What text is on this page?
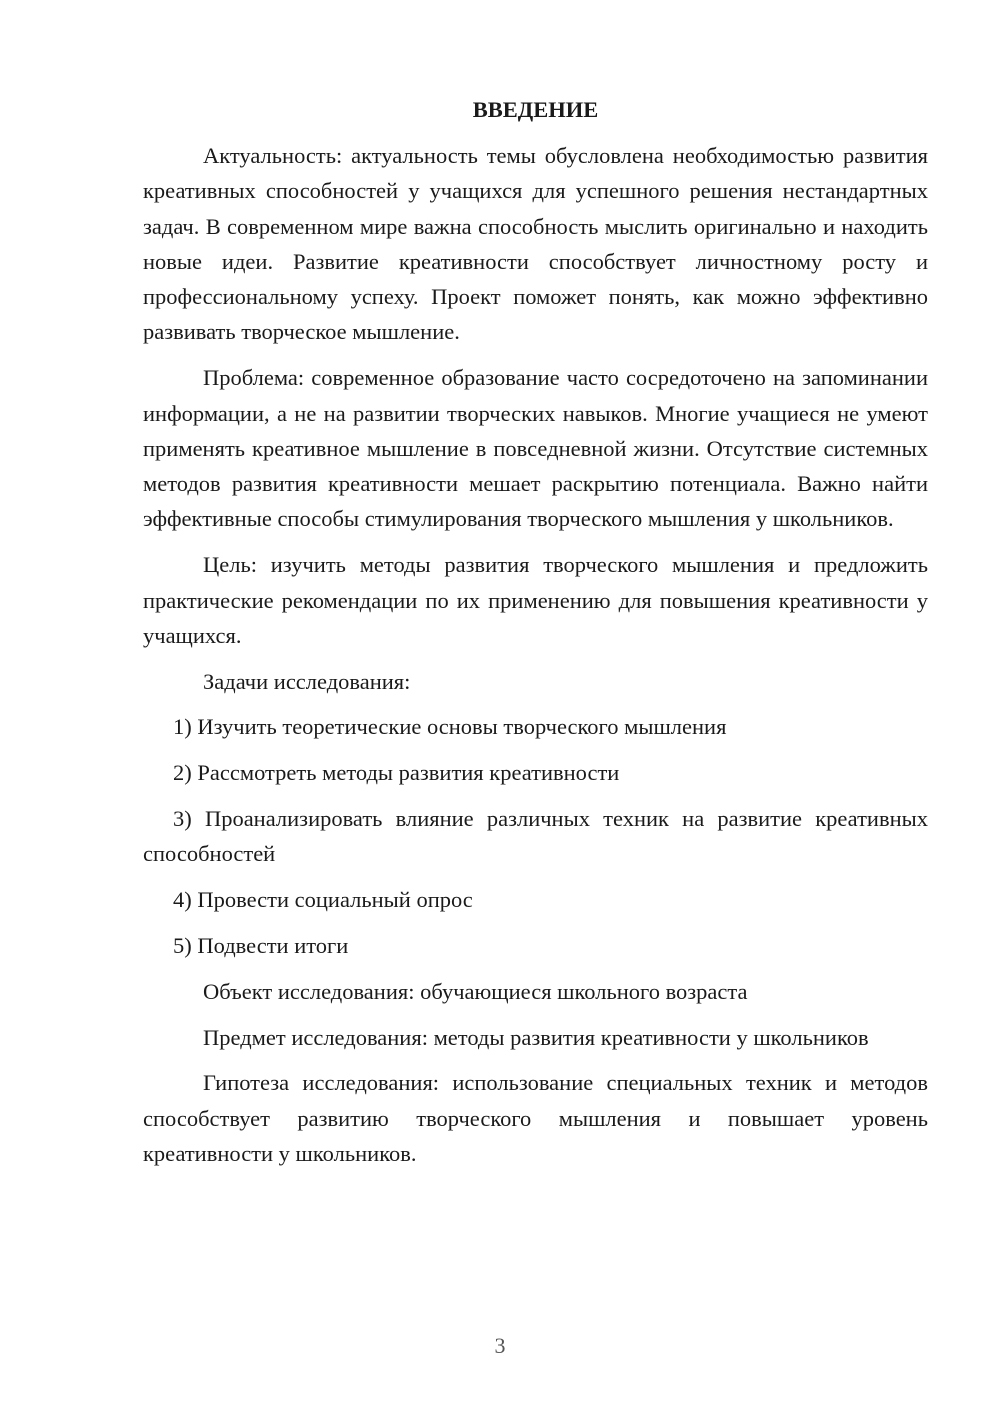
ВВЕДЕНИЕ

Актуальность: актуальность темы обусловлена необходимостью развития креативных способностей у учащихся для успешного решения нестандартных задач. В современном мире важна способность мыслить оригинально и находить новые идеи. Развитие креативности способствует личностному росту и профессиональному успеху. Проект поможет понять, как можно эффективно развивать творческое мышление.

Проблема: современное образование часто сосредоточено на запоминании информации, а не на развитии творческих навыков. Многие учащиеся не умеют применять креативное мышление в повседневной жизни. Отсутствие системных методов развития креативности мешает раскрытию потенциала. Важно найти эффективные способы стимулирования творческого мышления у школьников.

Цель: изучить методы развития творческого мышления и предложить практические рекомендации по их применению для повышения креативности у учащихся.

Задачи исследования:

1) Изучить теоретические основы творческого мышления

2) Рассмотреть методы развития креативности

3) Проанализировать влияние различных техник на развитие креативных способностей

4) Провести социальный опрос

5) Подвести итоги

Объект исследования: обучающиеся школьного возраста

Предмет исследования: методы развития креативности у школьников

Гипотеза исследования: использование специальных техник и методов способствует развитию творческого мышления и повышает уровень креативности у школьников.

3
